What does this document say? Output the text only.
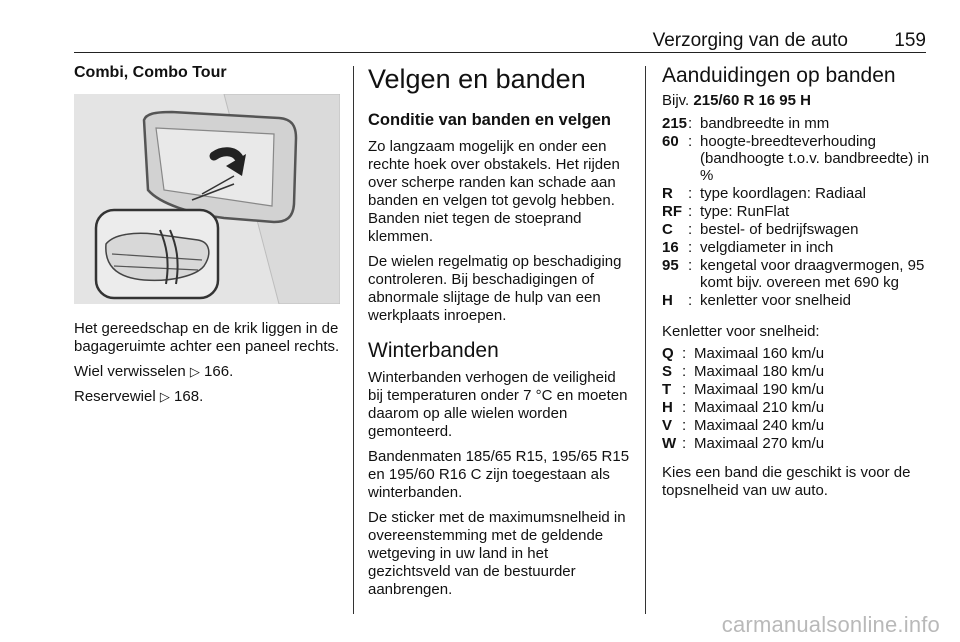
Verzorging van de auto 159
Combi, Combo Tour

Het gereedschap en de krik liggen in de bagageruimte achter een paneel rechts.

Wiel verwisselen ▷ 166.

Reservewiel ▷ 168.

Velgen en banden
Conditie van banden en velgen

Zo langzaam mogelijk en onder een rechte hoek over obstakels. Het rijden over scherpe randen kan schade aan banden en velgen tot gevolg hebben. Banden niet tegen de stoeprand klemmen.

De wielen regelmatig op beschadiging controleren. Bij beschadigingen of abnormale slijtage de hulp van een werkplaats inroepen.

Winterbanden

Winterbanden verhogen de veiligheid bij temperaturen onder 7 °C en moeten daarom op alle wielen worden gemonteerd.

Bandenmaten 185/65 R15, 195/65 R15 en 195/60 R16 C zijn toegestaan als winterbanden.

De sticker met de maximumsnelheid in overeenstemming met de geldende wetgeving in uw land in het gezichtsveld van de bestuurder aanbrengen.

Aanduidingen op banden
Bijv. 215/60 R 16 95 H
215 : bandbreedte in mm
60 : hoogte-breedteverhouding (bandhoogte t.o.v. bandbreedte) in %
R	: type koordlagen: Radiaal
RF : type: RunFlat
C	: bestel- of bedrijfswagen
16 : velgdiameter in inch
95 : kengetal voor draagvermogen, 95 komt bijv. overeen met 690 kg
H	: kenletter voor snelheid

Kenletter voor snelheid:

Q : Maximaal 160 km/u
S : Maximaal 180 km/u
T : Maximaal 190 km/u
H : Maximaal 210 km/u
V : Maximaal 240 km/u
W : Maximaal 270 km/u

Kies een band die geschikt is voor de topsnelheid van uw auto.

carmanualsonline.info
